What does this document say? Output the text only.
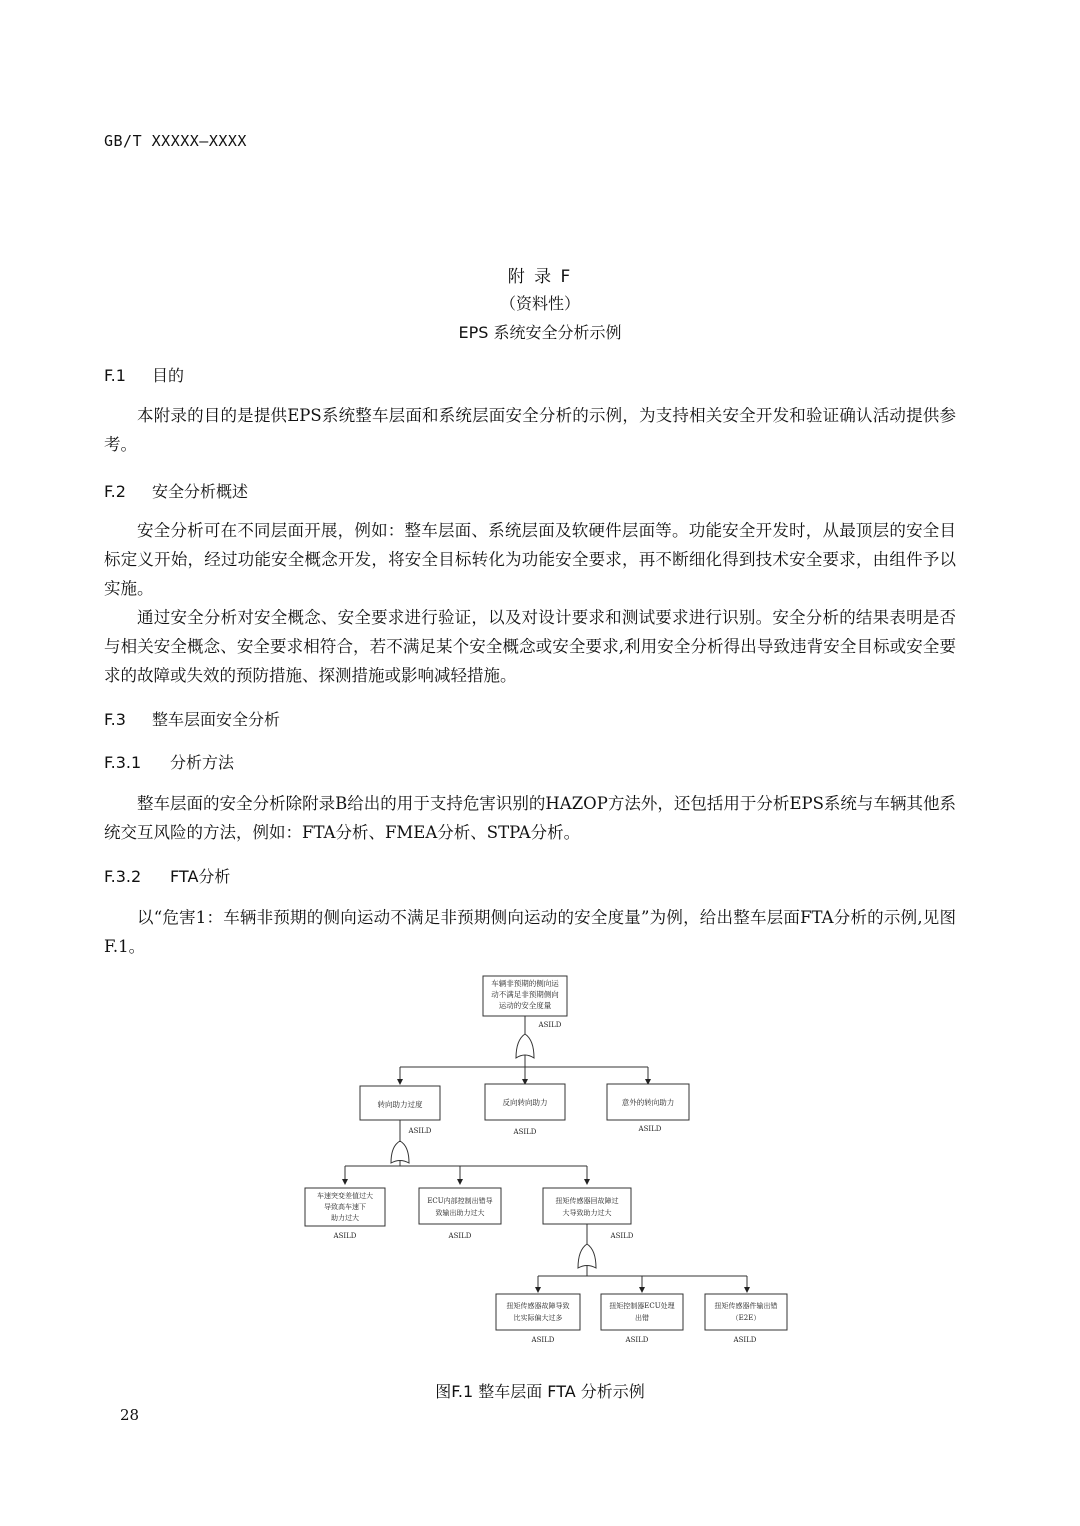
GB/T XXXXX—XXXX
附 录 F
（资料性）
EPS 系统安全分析示例
F.1 目的

本附录的目的是提供EPS系统整车层面和系统层面安全分析的示例，为支持相关安全开发和验证确认活动提供参考。

F.2 安全分析概述

安全分析可在不同层面开展，例如：整车层面、系统层面及软硬件层面等。功能安全开发时，从最顶层的安全目标定义开始，经过功能安全概念开发，将安全目标转化为功能安全要求，再不断细化得到技术安全要求，由组件予以实施。

通过安全分析对安全概念、安全要求进行验证，以及对设计要求和测试要求进行识别。安全分析的结果表明是否与相关安全概念、安全要求相符合，若不满足某个安全概念或安全要求,利用安全分析得出导致违背安全目标或安全要求的故障或失效的预防措施、探测措施或影响减轻措施。

F.3 整车层面安全分析
F.3.1 分析方法

整车层面的安全分析除附录B给出的用于支持危害识别的HAZOP方法外，还包括用于分析EPS系统与车辆其他系统交互风险的方法，例如：FTA分析、FMEA分析、STPA分析。

F.3.2 FTA分析

以“危害1：车辆非预期的侧向运动不满足非预期侧向运动的安全度量”为例，给出整车层面FTA分析的示例,见图F.1。

车辆非预期的侧向运
动不满足非预期侧向
运动的安全度量
ASILD
转向助力过度
ASILD
反向转向助力
ASILD
意外的转向助力
ASILD
车速突变差值过大
导致高车速下
助力过大
ASILD
ECU内部控制出错导
致输出助力过大
ASILD
扭矩传感器回故障过
大导致助力过大
ASILD
扭矩传感器故障导致
比实际偏大过多
ASILD
扭矩控制器ECU处理
出错
ASILD
扭矩传感器件输出错
（E2E）
ASILD
图F.1 整车层面 FTA 分析示例
28
